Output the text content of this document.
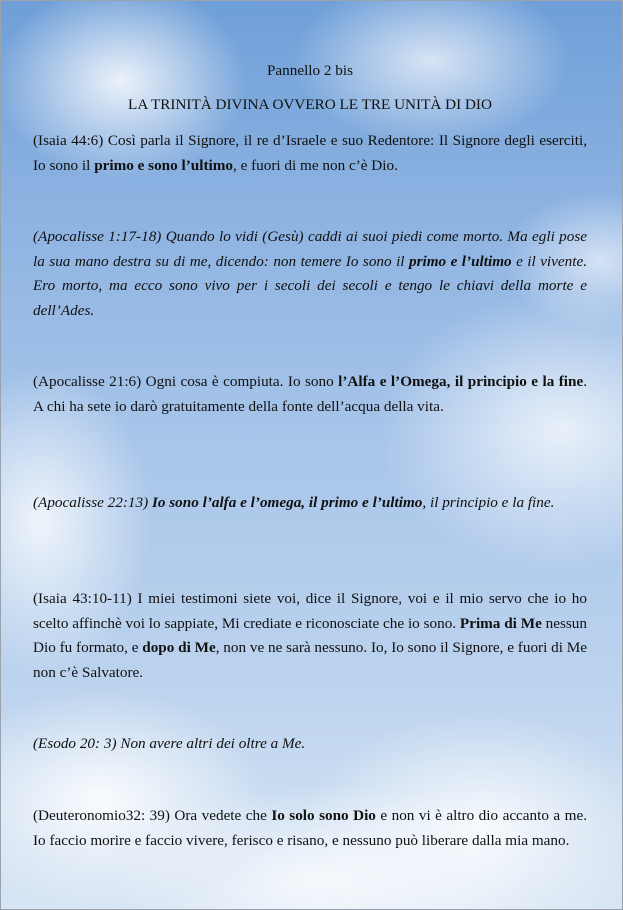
Pannello 2 bis
LA TRINITÀ DIVINA OVVERO LE TRE UNITÀ DI DIO
(Isaia 44:6) Così parla il Signore, il re d’Israele e suo Redentore: Il Signore degli eserciti, Io sono il primo e sono l’ultimo, e fuori di me non c’è Dio.
(Apocalisse 1:17-18) Quando lo vidi (Gesù) caddi ai suoi piedi come morto. Ma egli pose la sua mano destra su di me, dicendo: non temere Io sono il primo e l’ultimo e il vivente. Ero morto, ma ecco sono vivo per i secoli dei secoli e tengo le chiavi della morte e dell’Ades.
(Apocalisse 21:6) Ogni cosa è compiuta. Io sono l’Alfa e l’Omega, il principio e la fine. A chi ha sete io darò gratuitamente della fonte dell’acqua della vita.
(Apocalisse 22:13) Io sono l’alfa e l’omega, il primo e l’ultimo, il principio e la fine.
(Isaia 43:10-11) I miei testimoni siete voi, dice il Signore, voi e il mio servo che io ho scelto affinchè voi lo sappiate, Mi crediate e riconosciate che io sono. Prima di Me nessun Dio fu formato, e dopo di Me, non ve ne sarà nessuno. Io, Io sono il Signore, e fuori di Me non c’è Salvatore.
(Esodo 20: 3) Non avere altri dei oltre a Me.
(Deuteronomio32: 39) Ora vedete che Io solo sono Dio e non vi è altro dio accanto a me. Io faccio morire e faccio vivere, ferisco e risano, e nessuno può liberare dalla mia mano.
